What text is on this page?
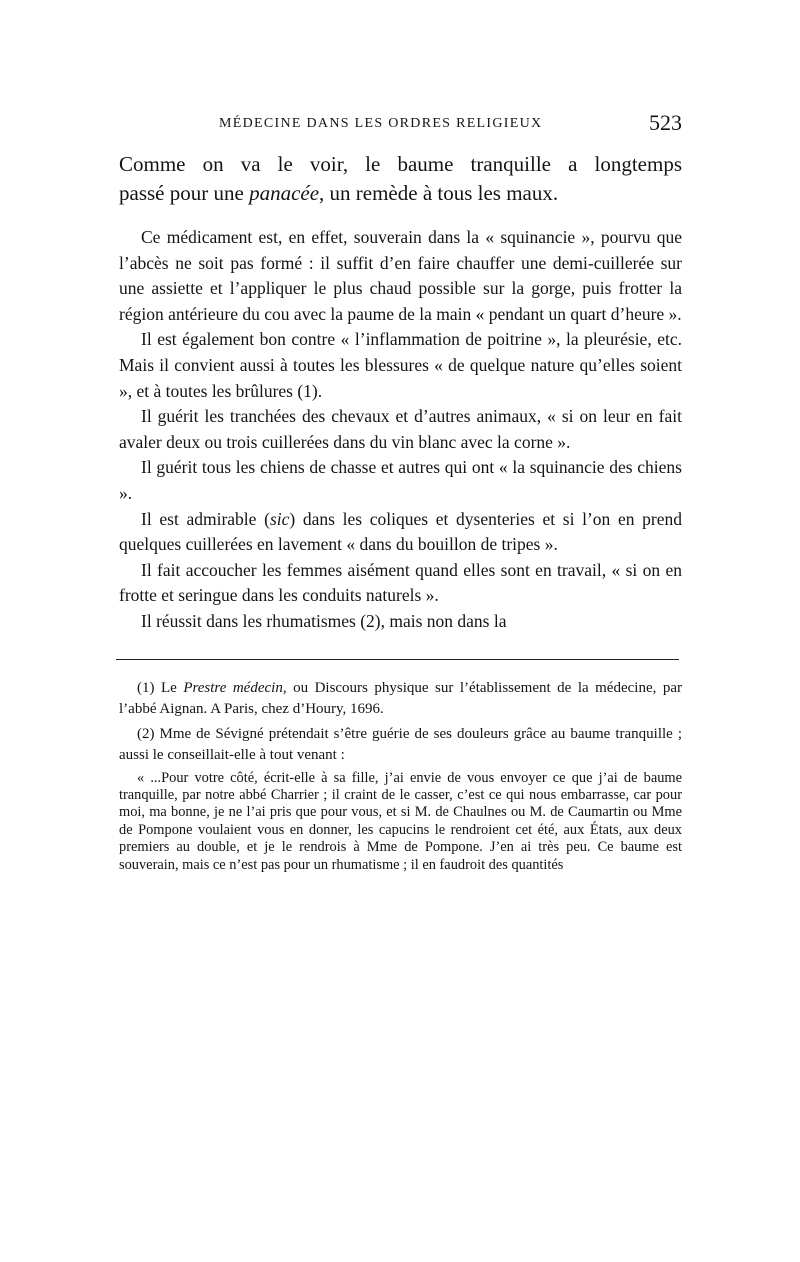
MÉDECINE DANS LES ORDRES RELIGIEUX	523
Comme on va le voir, le baume tranquille a longtemps
passé pour une panacée, un remède à tous les maux.

Ce médicament est, en effet, souverain dans la « squinancie », pourvu que l’abcès ne soit pas formé : il suffit d’en faire chauffer une demi-cuillerée sur une assiette et l’appliquer le plus chaud possible sur la gorge, puis frotter la région antérieure du cou avec la paume de la main « pendant un quart d’heure ».

Il est également bon contre « l’inflammation de poitrine », la pleurésie, etc. Mais il convient aussi à toutes les blessures « de quelque nature qu’elles soient », et à toutes les brûlures (1).

Il guérit les tranchées des chevaux et d’autres animaux, « si on leur en fait avaler deux ou trois cuillerées dans du vin blanc avec la corne ».

Il guérit tous les chiens de chasse et autres qui ont « la squinancie des chiens ».

Il est admirable (sic) dans les coliques et dysenteries et si l’on en prend quelques cuillerées en lavement « dans du bouillon de tripes ».

Il fait accoucher les femmes aisément quand elles sont en travail, « si on en frotte et seringue dans les conduits naturels ».

Il réussit dans les rhumatismes (2), mais non dans la

(1) Le Prestre médecin, ou Discours physique sur l’établissement de la médecine, par l’abbé Aignan. A Paris, chez d’Houry, 1696.

(2) Mme de Sévigné prétendait s’être guérie de ses douleurs grâce au baume tranquille ; aussi le conseillait-elle à tout venant :

« ...Pour votre côté, écrit-elle à sa fille, j’ai envie de vous envoyer ce que j’ai de baume tranquille, par notre abbé Charrier ; il craint de le casser, c’est ce qui nous embarrasse, car pour moi, ma bonne, je ne l’ai pris que pour vous, et si M. de Chaulnes ou M. de Caumartin ou Mme de Pompone voulaient vous en donner, les capucins le rendroient cet été, aux États, aux deux premiers au double, et je le rendrois à Mme de Pompone. J’en ai très peu. Ce baume est souverain, mais ce n’est pas pour un rhumatisme ; il en faudroit des quantités
